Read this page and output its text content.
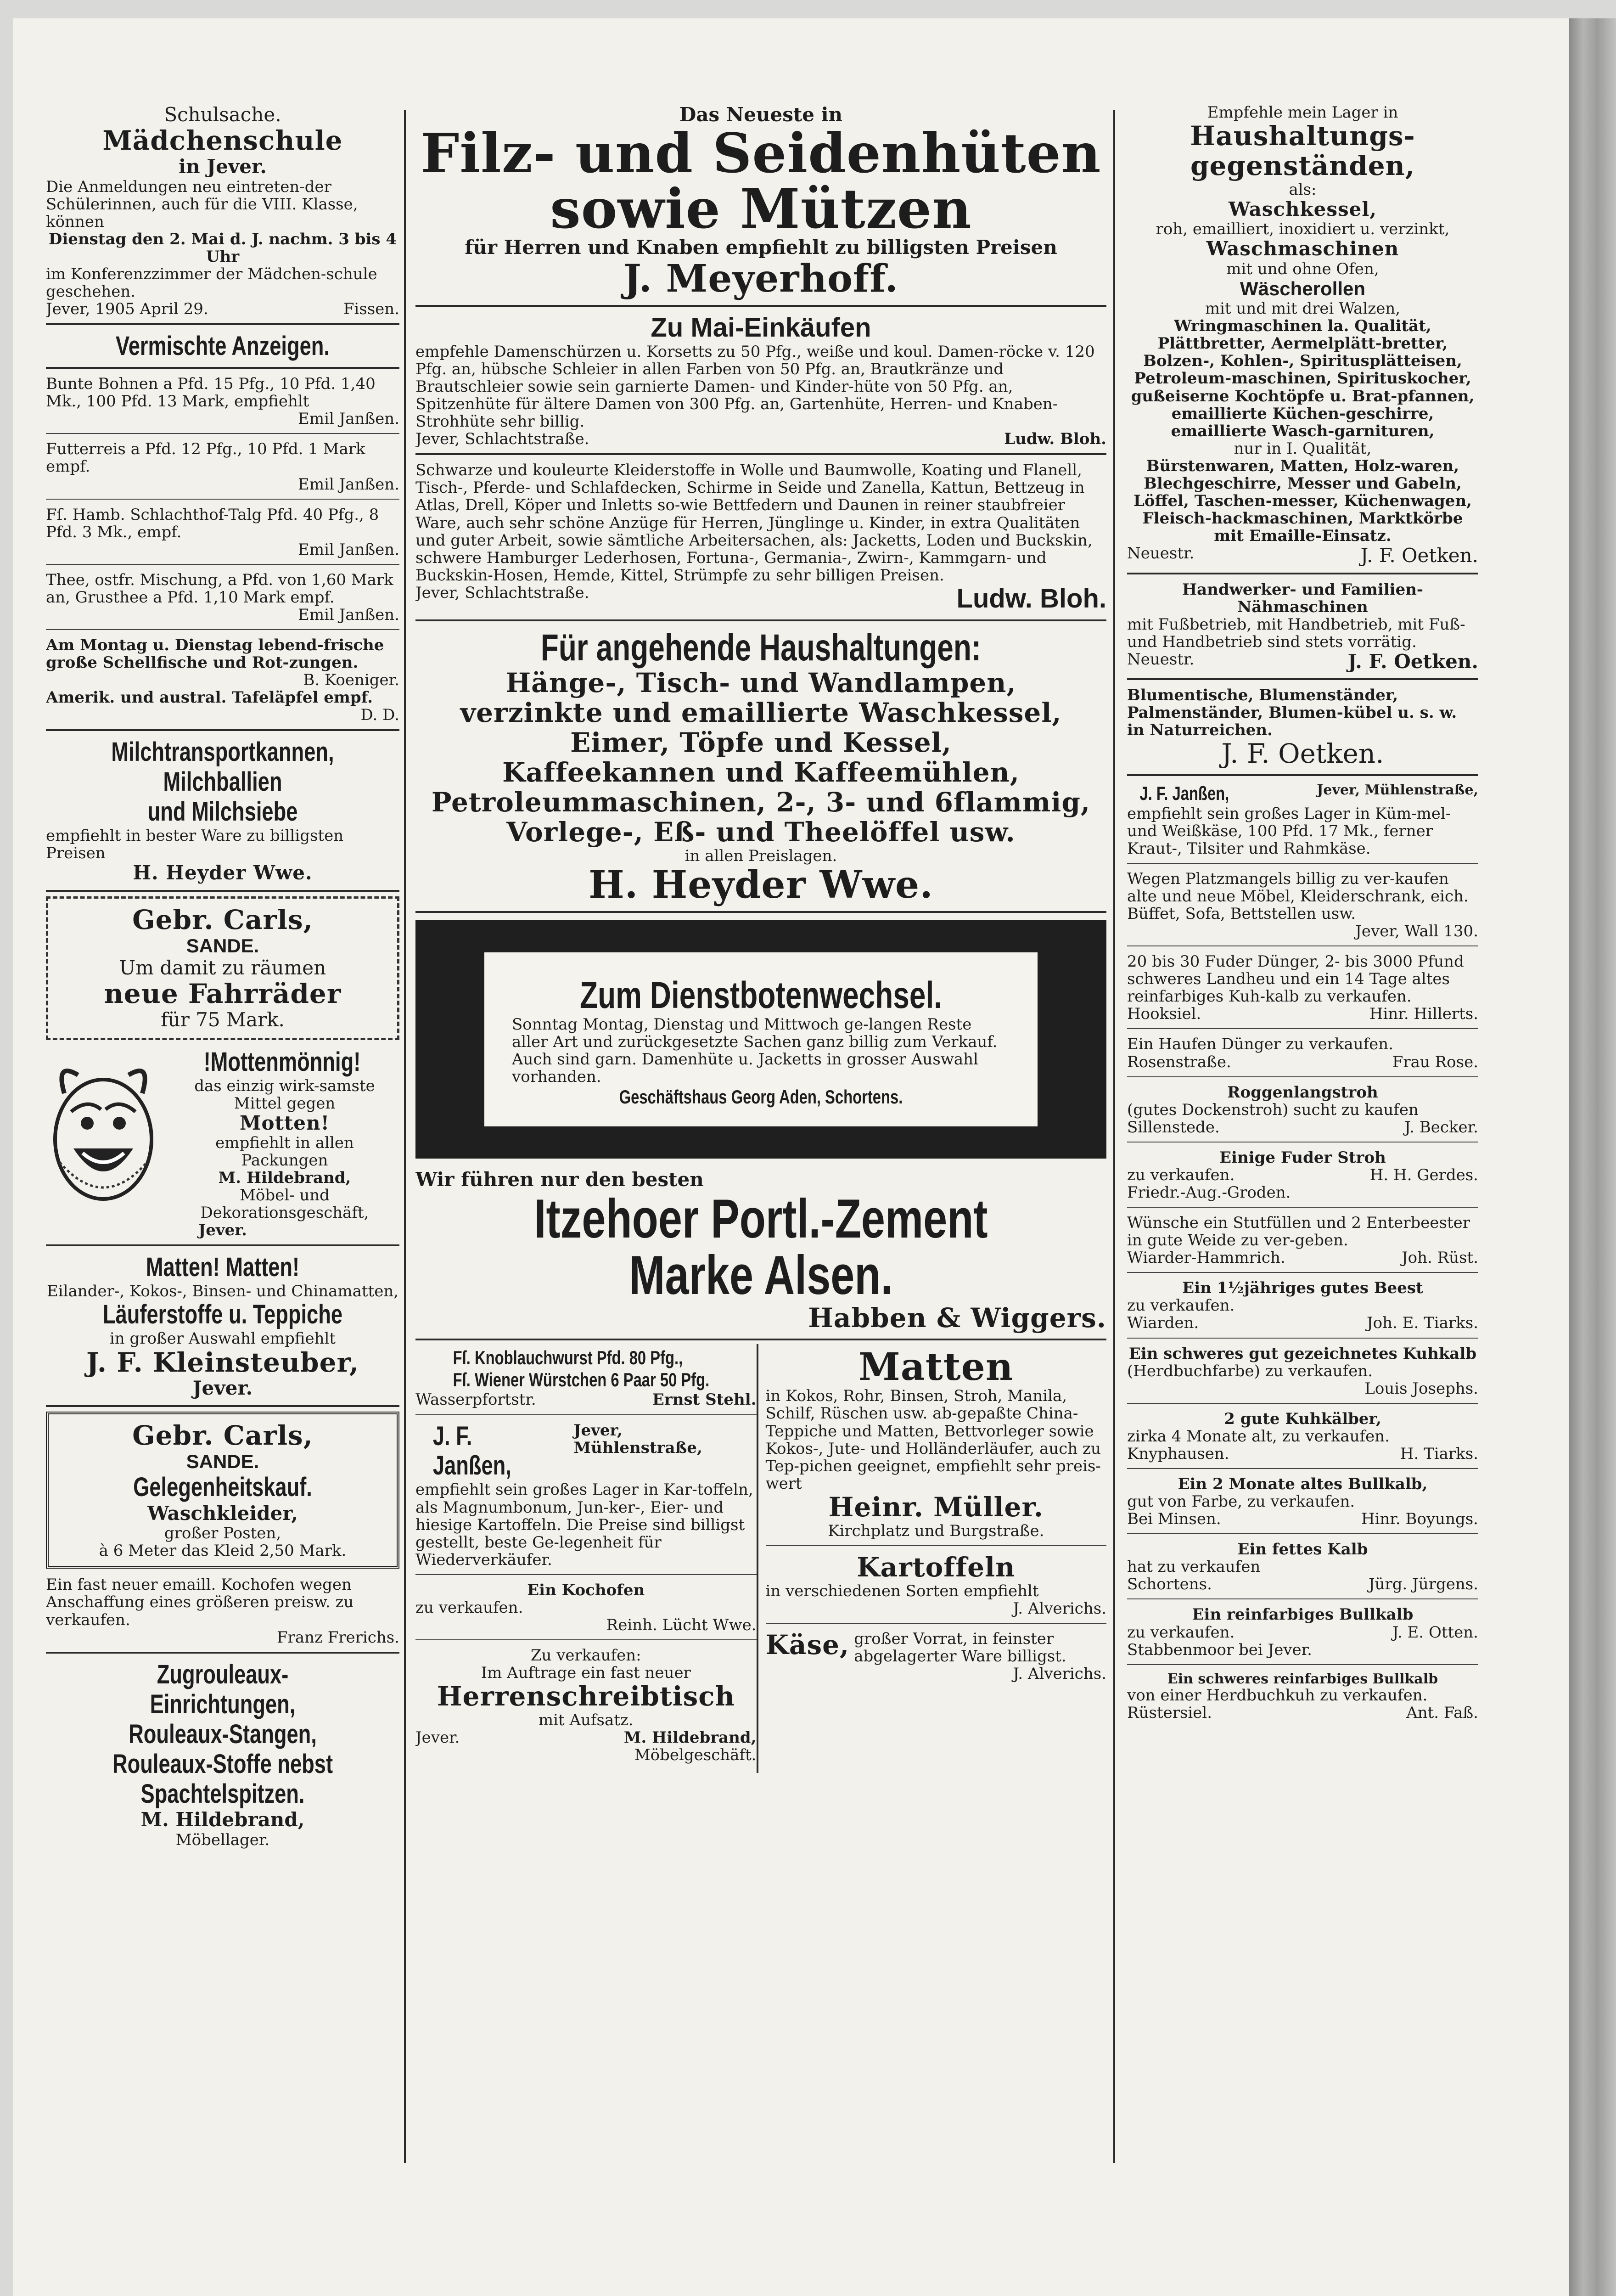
Schulsache.

Mädchenschule

in Jever.

Die Anmeldungen neu eintreten-der Schülerinnen, auch für die VIII. Klasse, können

Dienstag den 2. Mai d. J. nachm. 3 bis 4 Uhr

im Konferenzzimmer der Mädchen-schule geschehen.

Jever, 1905 April 29.	Fissen.

Vermischte Anzeigen.

Bunte Bohnen a Pfd. 15 Pfg., 10 Pfd. 1,40 Mk., 100 Pfd. 13 Mark, empfiehlt

Emil Janßen.

Futterreis a Pfd. 12 Pfg., 10 Pfd. 1 Mark empf.

Emil Janßen.

Fſ. Hamb. Schlachthof-Talg Pfd. 40 Pfg., 8 Pfd. 3 Mk., empf.

Emil Janßen.

Thee, ostfr. Mischung, a Pfd. von 1,60 Mark an, Grusthee a Pfd. 1,10 Mark empf.

Emil Janßen.

Am Montag u. Dienstag lebend-frische große Schellfische und Rot-zungen.

B. Koeniger.

Amerik. und austral. Tafeläpfel empf.

D. D.

Milchtransportkannen,

Milchballien

und Milchsiebe

empfiehlt in bester Ware zu billigsten Preisen

H. Heyder Wwe.

Gebr. Carls,

SANDE.

Um damit zu räumen

neue Fahrräder

für 75 Mark.

!Mottenmönnig!

das einzig wirk-samste Mittel gegen

Motten!

empfiehlt in allen Packungen

M. Hildebrand,

Möbel- und Dekorationsgeschäft,

Jever.

Matten! Matten!

Eilander-, Kokos-, Binsen- und Chinamatten,

Läuferstoffe u. Teppiche

in großer Auswahl empfiehlt

J. F. Kleinsteuber,

Jever.

Gebr. Carls,

SANDE.

Gelegenheitskauf.

Waschkleider,

großer Posten,

à 6 Meter das Kleid 2,50 Mark.

Ein fast neuer emaill. Kochofen wegen Anschaffung eines größeren preisw. zu verkaufen.

Franz Frerichs.

Zugrouleaux-Einrichtungen,

Rouleaux-Stangen,

Rouleaux-Stoffe nebst

Spachtelspitzen.

M. Hildebrand,

Möbellager.

Das Neueste in

Filz- und Seidenhüten

sowie Mützen

für Herren und Knaben empfiehlt zu billigsten Preisen

J. Meyerhoff.

Zu Mai-Einkäufen

empfehle Damenschürzen u. Korsetts zu 50 Pfg., weiße und koul. Damen-röcke v. 120 Pfg. an, hübsche Schleier in allen Farben von 50 Pfg. an, Brautkränze und Brautschleier sowie sein garnierte Damen- und Kinder-hüte von 50 Pfg. an, Spitzenhüte für ältere Damen von 300 Pfg. an, Gartenhüte, Herren- und Knaben-Strohhüte sehr billig.

Jever, Schlachtstraße.	Ludw. Bloh.

Schwarze und kouleurte Kleiderstoffe in Wolle und Baumwolle, Koating und Flanell, Tisch-, Pferde- und Schlafdecken, Schirme in Seide und Zanella, Kattun, Bettzeug in Atlas, Drell, Köper und Inletts so-wie Bettfedern und Daunen in reiner staubfreier Ware, auch sehr schöne Anzüge für Herren, Jünglinge u. Kinder, in extra Qualitäten und guter Arbeit, sowie sämtliche Arbeitersachen, als: Jacketts, Loden und Buckskin, schwere Hamburger Lederhosen, Fortuna-, Germania-, Zwirn-, Kammgarn- und Buckskin-Hosen, Hemde, Kittel, Strümpfe zu sehr billigen Preisen.

Jever, Schlachtstraße.	Ludw. Bloh.

Für angehende Haushaltungen:

Hänge-, Tisch- und Wandlampen,

verzinkte und emaillierte Waschkessel,

Eimer, Töpfe und Kessel,

Kaffeekannen und Kaffeemühlen,

Petroleummaschinen, 2-, 3- und 6flammig,

Vorlege-, Eß- und Theelöffel usw.

in allen Preislagen.

H. Heyder Wwe.

Zum Dienstbotenwechsel.

Sonntag Montag, Dienstag und Mittwoch ge-langen Reste aller Art und zurückgesetzte Sachen ganz billig zum Verkauf.

Auch sind garn. Damenhüte u. Jacketts in grosser Auswahl vorhanden.

Geschäftshaus Georg Aden, Schortens.

Wir führen nur den besten

Itzehoer Portl.-Zement Marke Alsen.

Habben & Wiggers.

Fſ. Knoblauchwurst Pfd. 80 Pfg.,

Fſ. Wiener Würstchen 6 Paar 50 Pfg.

Wasserpfortstr.	Ernst Stehl.
J. F. Janßen,
Jever, Mühlenstraße,

empfiehlt sein großes Lager in Kar-toffeln, als Magnumbonum, Jun-ker-, Eier- und hiesige Kartoffeln. Die Preise sind billigst gestellt, beste Ge-legenheit für Wiederverkäufer.

Ein Kochofen

zu verkaufen.

Reinh. Lücht Wwe.

Zu verkaufen:

Im Auftrage ein fast neuer

Herrenschreibtisch

mit Aufsatz.

Jever.	M. Hildebrand,

Möbelgeschäft.

Matten

in Kokos, Rohr, Binsen, Stroh, Manila, Schilf, Rüschen usw. ab-gepaßte China-Teppiche und Matten, Bettvorleger sowie Kokos-, Jute- und Holländerläufer, auch zu Tep-pichen geeignet, empfiehlt sehr preis-wert

Heinr. Müller.

Kirchplatz und Burgstraße.

Kartoffeln

in verschiedenen Sorten empfiehlt

J. Alverichs.

Käse, großer Vorrat, in feinster abgelagerter Ware billigst.

J. Alverichs.

Empfehle mein Lager in

Haushaltungs-

gegenständen,

als:

Waschkessel,

roh, emailliert, inoxidiert u. verzinkt,

Waschmaschinen

mit und ohne Ofen,

Wäscherollen

mit und mit drei Walzen,

Wringmaschinen la. Qualität, Plättbretter, Aermelplätt-bretter, Bolzen-, Kohlen-, Spiritusplätteisen, Petroleum-maschinen, Spirituskocher, gußeiserne Kochtöpfe u. Brat-pfannen, emaillierte Küchen-geschirre, emaillierte Wasch-garnituren,

nur in I. Qualität,

Bürstenwaren, Matten, Holz-waren, Blechgeschirre, Messer und Gabeln, Löffel, Taschen-messer, Küchenwagen, Fleisch-hackmaschinen, Marktkörbe mit Emaille-Einsatz.

Neuestr.	J. F. Oetken.

Handwerker- und Familien-Nähmaschinen

mit Fußbetrieb, mit Handbetrieb, mit Fuß- und Handbetrieb sind stets vorrätig.

Neuestr.	J. F. Oetken.

Blumentische, Blumenständer, Palmenständer, Blumen-kübel u. s. w. in Naturreichen.

J. F. Oetken.

J. F. Janßen,	Jever, Mühlenstraße,

empfiehlt sein großes Lager in Küm-mel- und Weißkäse, 100 Pfd. 17 Mk., ferner Kraut-, Tilsiter und Rahmkäse.

Wegen Platzmangels billig zu ver-kaufen alte und neue Möbel, Kleiderschrank, eich. Büffet, Sofa, Bettstellen usw.

Jever, Wall 130.

20 bis 30 Fuder Dünger, 2- bis 3000 Pfund schweres Landheu und ein 14 Tage altes reinfarbiges Kuh-kalb zu verkaufen.

Hooksiel.	Hinr. Hillerts.

Ein Haufen Dünger zu verkaufen.

Rosenstraße.	Frau Rose.

Roggenlangstroh

(gutes Dockenstroh) sucht zu kaufen

Sillenstede.	J. Becker.

Einige Fuder Stroh

zu verkaufen.	H. H. Gerdes.

Friedr.-Aug.-Groden.

Wünsche ein Stutfüllen und 2 Enterbeester in gute Weide zu ver-geben.

Wiarder-Hammrich.	Joh. Rüst.

Ein 1½jähriges gutes Beest

zu verkaufen.

Wiarden.	Joh. E. Tiarks.

Ein schweres gut gezeichnetes Kuhkalb

(Herdbuchfarbe) zu verkaufen.

Louis Josephs.

2 gute Kuhkälber,

zirka 4 Monate alt, zu verkaufen.

Knyphausen.	H. Tiarks.

Ein 2 Monate altes Bullkalb,

gut von Farbe, zu verkaufen.

Bei Minsen.	Hinr. Boyungs.

Ein fettes Kalb

hat zu verkaufen

Schortens.	Jürg. Jürgens.

Ein reinfarbiges Bullkalb

zu verkaufen.	J. E. Otten.

Stabbenmoor bei Jever.

Ein schweres reinfarbiges Bullkalb

von einer Herdbuchkuh zu verkaufen.

Rüstersiel.	Ant. Faß.
